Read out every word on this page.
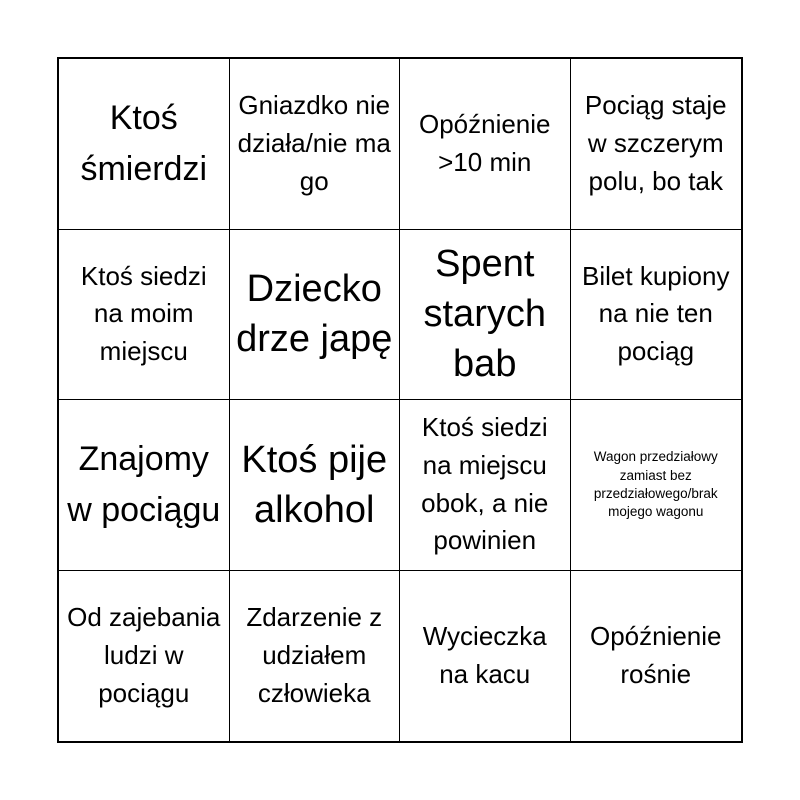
Ktoś śmierdzi
Gniazdko nie działa/nie ma go
Opóźnienie >10 min
Pociąg staje w szczerym polu, bo tak
Ktoś siedzi na moim miejscu
Dziecko drze japę
Spent starych bab
Bilet kupiony na nie ten pociąg
Znajomy w pociągu
Ktoś pije alkohol
Ktoś siedzi na miejscu obok, a nie powinien
Wagon przedziałowy zamiast bez przedziałowego/brak mojego wagonu
Od zajebania ludzi w pociągu
Zdarzenie z udziałem człowieka
Wycieczka na kacu
Opóźnienie rośnie
